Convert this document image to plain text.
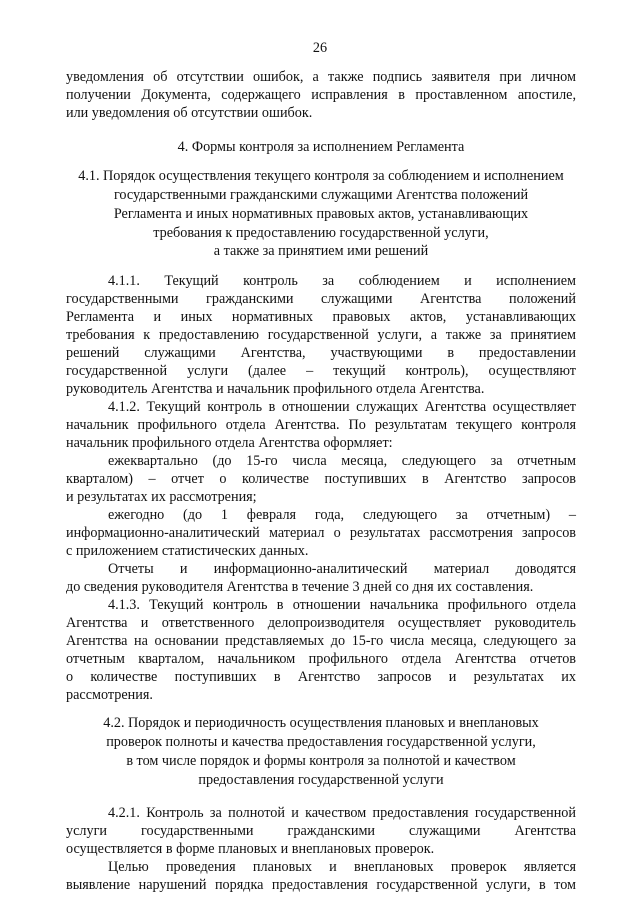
26
уведомления об отсутствии ошибок, а также подпись заявителя при личном
получении Документа, содержащего исправления в проставленном апостиле,
или уведомления об отсутствии ошибок.
4. Формы контроля за исполнением Регламента
4.1. Порядок осуществления текущего контроля за соблюдением и исполнением
государственными гражданскими служащими Агентства положений
Регламента и иных нормативных правовых актов, устанавливающих
требования к предоставлению государственной услуги,
а также за принятием ими решений
4.1.1. Текущий контроль за соблюдением и исполнением
государственными гражданскими служащими Агентства положений
Регламента и иных нормативных правовых актов, устанавливающих
требования к предоставлению государственной услуги, а также за принятием
решений служащими Агентства, участвующими в предоставлении
государственной услуги (далее – текущий контроль), осуществляют
руководитель Агентства и начальник профильного отдела Агентства.
4.1.2. Текущий контроль в отношении служащих Агентства осуществляет
начальник профильного отдела Агентства. По результатам текущего контроля
начальник профильного отдела Агентства оформляет:
ежеквартально (до 15-го числа месяца, следующего за отчетным
кварталом) – отчет о количестве поступивших в Агентство запросов
и результатах их рассмотрения;
ежегодно (до 1 февраля года, следующего за отчетным) –
информационно-аналитический материал о результатах рассмотрения запросов
с приложением статистических данных.
Отчеты и информационно-аналитический материал доводятся
до сведения руководителя Агентства в течение 3 дней со дня их составления.
4.1.3. Текущий контроль в отношении начальника профильного отдела
Агентства и ответственного делопроизводителя осуществляет руководитель
Агентства на основании представляемых до 15-го числа месяца, следующего за
отчетным кварталом, начальником профильного отдела Агентства отчетов
о количестве поступивших в Агентство запросов и результатах их
рассмотрения.
4.2. Порядок и периодичность осуществления плановых и внеплановых
проверок полноты и качества предоставления государственной услуги,
в том числе порядок и формы контроля за полнотой и качеством
предоставления государственной услуги
4.2.1. Контроль за полнотой и качеством предоставления государственной
услуги государственными гражданскими служащими Агентства
осуществляется в форме плановых и внеплановых проверок.
Целью проведения плановых и внеплановых проверок является
выявление нарушений порядка предоставления государственной услуги, в том
